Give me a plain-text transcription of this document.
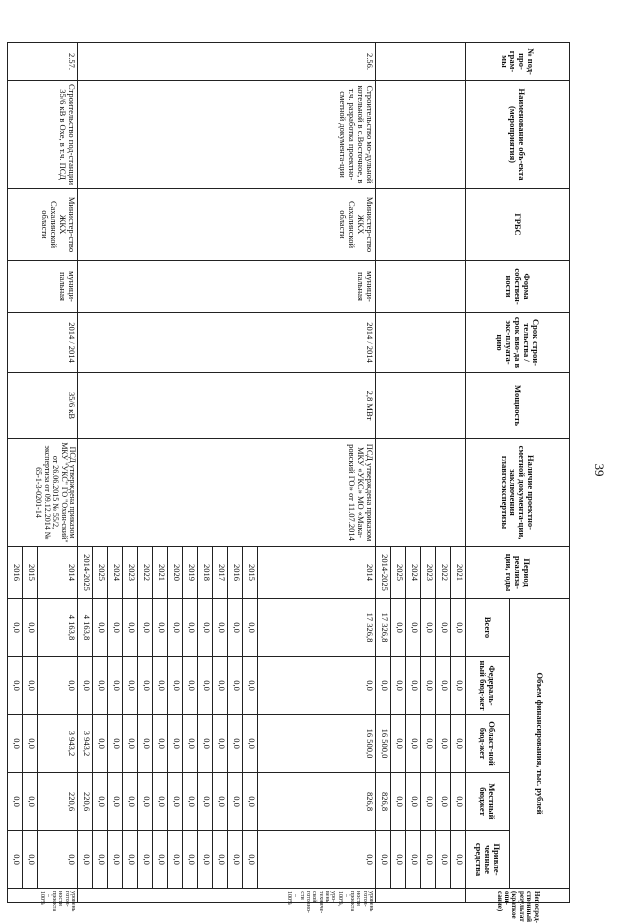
39
№ под-про-грам-мы	Наименование объ-екта (мероприятия)	ГРБС	Форма собствен-ности	Срок строи-тельства / срок вво-да в экс-плуата-цию	Мощность	Наличие проектно-сметной документа-ции, заключения главгосэкспертизы	Период реализа-ции, годы	Объем финансирования, тыс. рублей					Непосред-ственный результат (краткое опи-сание)
								Всего	Федераль-ный бюд-жет	Област-ной бюд-жет	Местный бюджет	Привле-ченные средства	
							2021	0,0	0,0	0,0	0,0	0,0	
							2022	0,0	0,0	0,0	0,0	0,0	
							2023	0,0	0,0	0,0	0,0	0,0	
							2024	0,0	0,0	0,0	0,0	0,0	
							2025	0,0	0,0	0,0	0,0	0,0	
							2014-2025	17 326,8	0,0	16 500,0	826,8	0,0	
2.56.	Строительство мо-дульной котельной в с.Восточное, в т.ч. разработка проектно-сметной документа-ции	Министер-ство ЖКХ Сахалинской области	муници-пальная	2014 / 2014	2,8 МВт	ПСД утверждена приказом МКУ «УКС» МО «Мака-ровский ГО» от 11.07.2014	2014	17 326,8	0,0	16 500,0	826,8	0,0	уровень готов-ности проекта – 100%, уро-вень техниче-ской готовно-сти – 100%
							2015	0,0	0,0	0,0	0,0	0,0	
							2016	0,0	0,0	0,0	0,0	0,0	
							2017	0,0	0,0	0,0	0,0	0,0	
							2018	0,0	0,0	0,0	0,0	0,0	
							2019	0,0	0,0	0,0	0,0	0,0	
							2020	0,0	0,0	0,0	0,0	0,0	
							2021	0,0	0,0	0,0	0,0	0,0	
							2022	0,0	0,0	0,0	0,0	0,0	
							2023	0,0	0,0	0,0	0,0	0,0	
							2024	0,0	0,0	0,0	0,0	0,0	
							2025	0,0	0,0	0,0	0,0	0,0	
							2014-2025	4 163,8	0,0	3 943,2	220,6	0,0	
2.57.	Строительство под-станции 35/6 кВ в Охе, в т.ч. ПСД	Министер-ство ЖКХ Сахалинской области	муници-пальная	2014 / 2014	35/6 кВ	ПСД утверждена приказом МКУ "УКС" ГО "Охин-ский" от 26.06.2015 № 55/2, экспертиза от 09.12.2014 № 65-1-3-0201-14	2014	4 163,8	0,0	3 943,2	220,6	0,0	уровень готов-ности проекта – 100%
							2015	0,0	0,0	0,0	0,0	0,0	
							2016	0,0	0,0	0,0	0,0	0,0	
